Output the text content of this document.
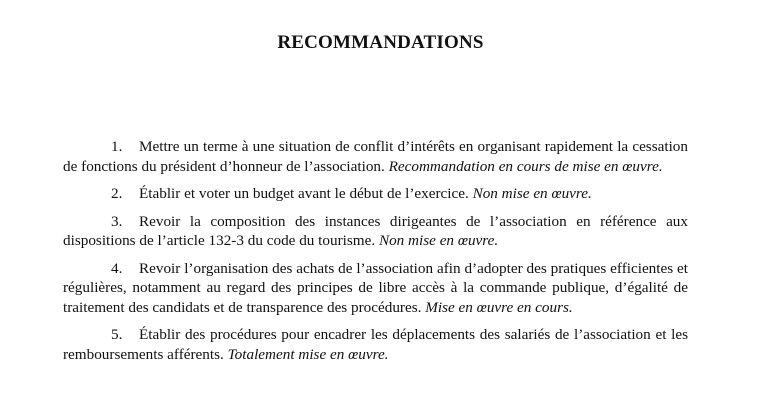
RECOMMANDATIONS
1. Mettre un terme à une situation de conflit d’intérêts en organisant rapidement la cessation de fonctions du président d’honneur de l’association. Recommandation en cours de mise en œuvre.
2. Établir et voter un budget avant le début de l’exercice. Non mise en œuvre.
3. Revoir la composition des instances dirigeantes de l’association en référence aux dispositions de l’article 132-3 du code du tourisme. Non mise en œuvre.
4. Revoir l’organisation des achats de l’association afin d’adopter des pratiques efficientes et régulières, notamment au regard des principes de libre accès à la commande publique, d’égalité de traitement des candidats et de transparence des procédures. Mise en œuvre en cours.
5. Établir des procédures pour encadrer les déplacements des salariés de l’association et les remboursements afférents. Totalement mise en œuvre.
